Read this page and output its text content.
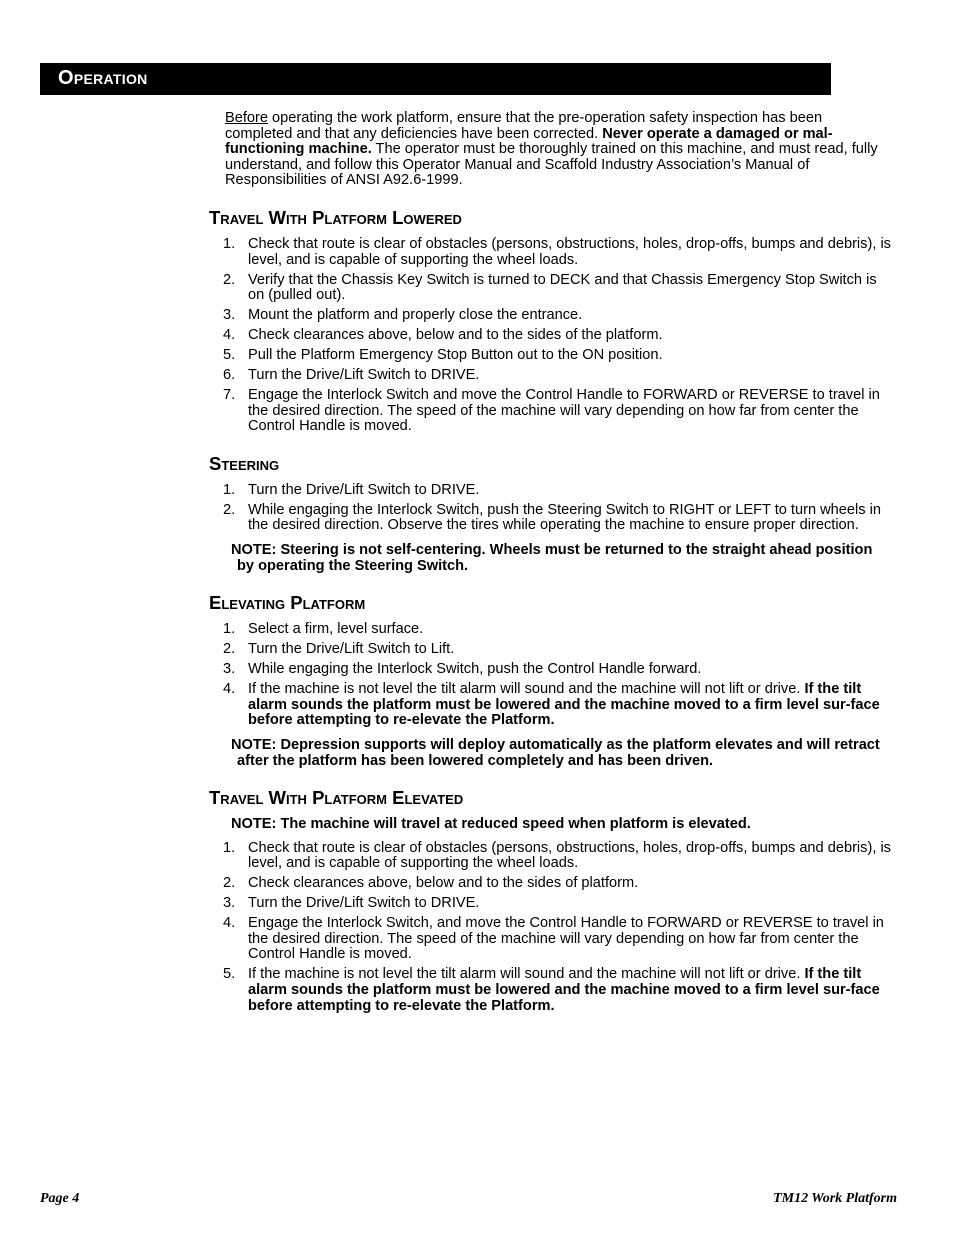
Operation

Before operating the work platform, ensure that the pre-operation safety inspection has been completed and that any deficiencies have been corrected. Never operate a damaged or mal-functioning machine. The operator must be thoroughly trained on this machine, and must read, fully understand, and follow this Operator Manual and Scaffold Industry Association’s Manual of Responsibilities of ANSI A92.6-1999.

Travel With Platform Lowered
1. Check that route is clear of obstacles (persons, obstructions, holes, drop-offs, bumps and debris), is level, and is capable of supporting the wheel loads.
2. Verify that the Chassis Key Switch is turned to DECK and that Chassis Emergency Stop Switch is on (pulled out).
3. Mount the platform and properly close the entrance.
4. Check clearances above, below and to the sides of the platform.
5. Pull the Platform Emergency Stop Button out to the ON position.
6. Turn the Drive/Lift Switch to DRIVE.
7. Engage the Interlock Switch and move the Control Handle to FORWARD or REVERSE to travel in the desired direction. The speed of the machine will vary depending on how far from center the Control Handle is moved.
Steering
1. Turn the Drive/Lift Switch to DRIVE.
2. While engaging the Interlock Switch, push the Steering Switch to RIGHT or LEFT to turn wheels in the desired direction. Observe the tires while operating the machine to ensure proper direction.
NOTE: Steering is not self-centering. Wheels must be returned to the straight ahead position by operating the Steering Switch.
Elevating Platform
1. Select a firm, level surface.
2. Turn the Drive/Lift Switch to Lift.
3. While engaging the Interlock Switch, push the Control Handle forward.
4. If the machine is not level the tilt alarm will sound and the machine will not lift or drive. If the tilt alarm sounds the platform must be lowered and the machine moved to a firm level sur-face before attempting to re-elevate the Platform.
NOTE: Depression supports will deploy automatically as the platform elevates and will retract after the platform has been lowered completely and has been driven.
Travel With Platform Elevated
NOTE: The machine will travel at reduced speed when platform is elevated.
1. Check that route is clear of obstacles (persons, obstructions, holes, drop-offs, bumps and debris), is level, and is capable of supporting the wheel loads.
2. Check clearances above, below and to the sides of platform.
3. Turn the Drive/Lift Switch to DRIVE.
4. Engage the Interlock Switch, and move the Control Handle to FORWARD or REVERSE to travel in the desired direction. The speed of the machine will vary depending on how far from center the Control Handle is moved.
5. If the machine is not level the tilt alarm will sound and the machine will not lift or drive. If the tilt alarm sounds the platform must be lowered and the machine moved to a firm level sur-face before attempting to re-elevate the Platform.
Page 4	TM12 Work Platform
